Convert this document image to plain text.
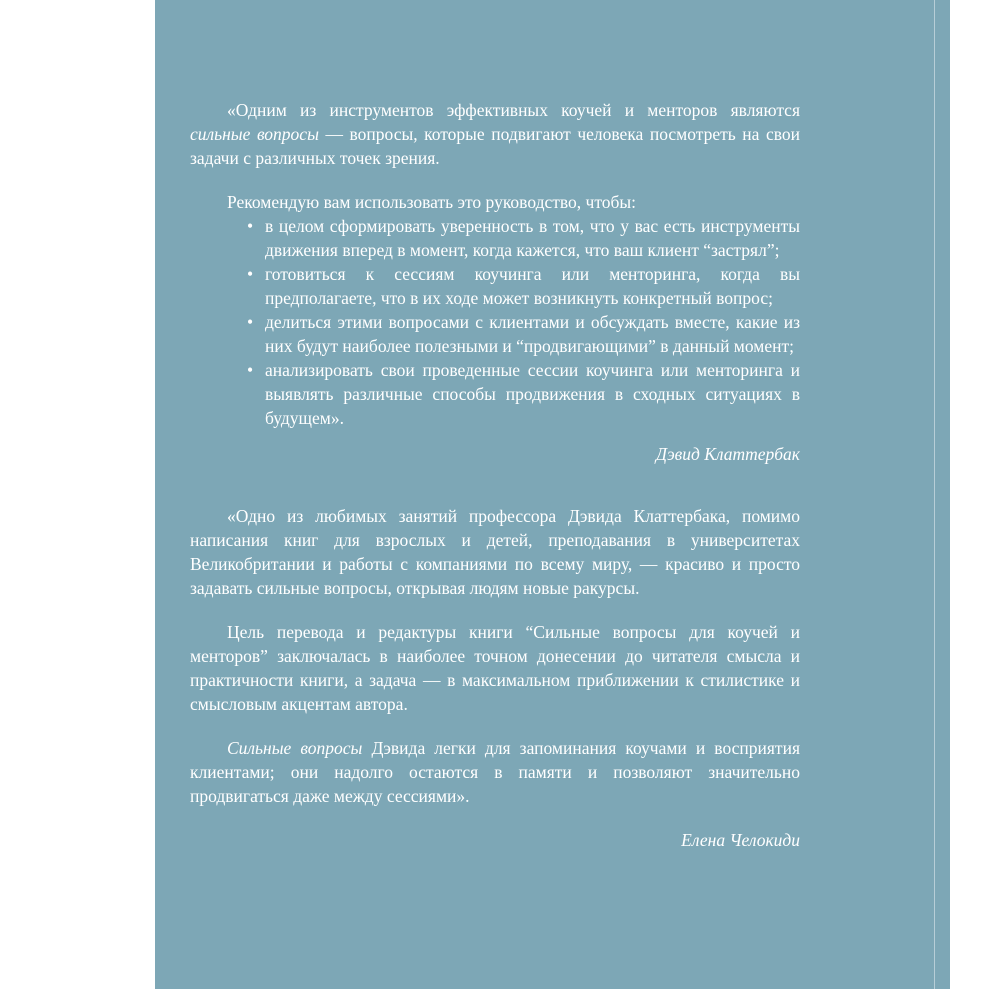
«Одним из инструментов эффективных коучей и менторов являются сильные вопросы — вопросы, которые подвигают человека посмотреть на свои задачи с различных точек зрения.

Рекомендую вам использовать это руководство, чтобы:

• в целом сформировать уверенность в том, что у вас есть инструменты движения вперед в момент, когда кажется, что ваш клиент “застрял”;
• готовиться к сессиям коучинга или менторинга, когда вы предполагаете, что в их ходе может возникнуть конкретный вопрос;
• делиться этими вопросами с клиентами и обсуждать вместе, какие из них будут наиболее полезными и “продвигающими” в данный момент;
• анализировать свои проведенные сессии коучинга или менторинга и выявлять различные способы продвижения в сходных ситуациях в будущем».

Дэвид Клаттербак

«Одно из любимых занятий профессора Дэвида Клаттербака, помимо написания книг для взрослых и детей, преподавания в университетах Великобритании и работы с компаниями по всему миру, — красиво и просто задавать сильные вопросы, открывая людям новые ракурсы.

Цель перевода и редактуры книги “Сильные вопросы для коучей и менторов” заключалась в наиболее точном донесении до читателя смысла и практичности книги, а задача — в максимальном приближении к стилистике и смысловым акцентам автора.

Сильные вопросы Дэвида легки для запоминания коучами и восприятия клиентами; они надолго остаются в памяти и позволяют значительно продвигаться даже между сессиями».

Елена Челокиди
